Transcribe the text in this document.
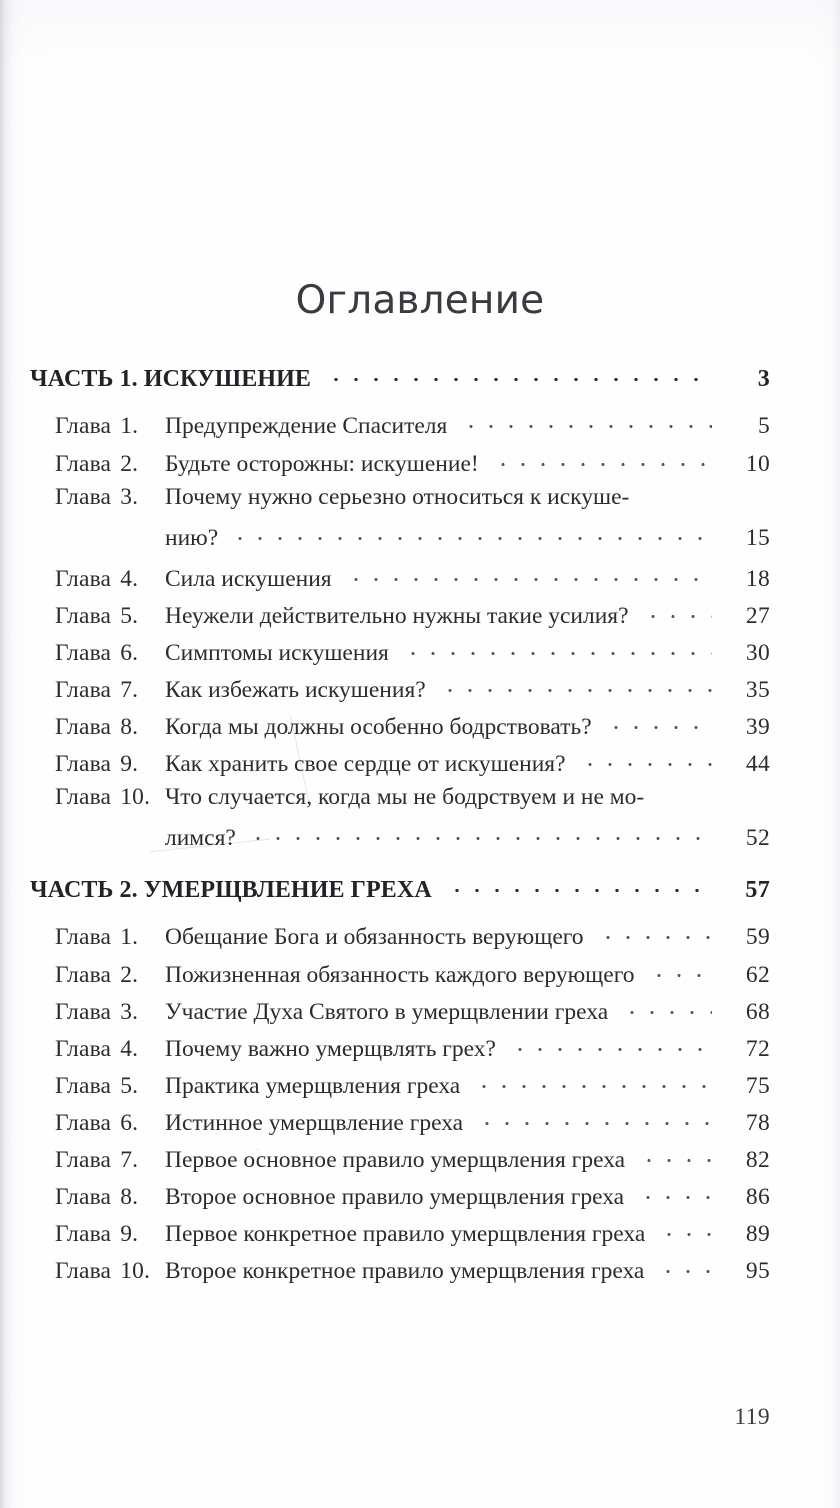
Оглавление
ЧАСТЬ 1. ИСКУШЕНИЕ	3
Глава 1.	Предупреждение Спасителя	5
Глава 2.	Будьте осторожны: искушение!	10
Глава 3.	Почему нужно серьезно относиться к искуше-
нию?	15
Глава 4.	Сила искушения	18
Глава 5.	Неужели действительно нужны такие усилия?	27
Глава 6.	Симптомы искушения	30
Глава 7.	Как избежать искушения?	35
Глава 8.	Когда мы должны особенно бодрствовать?	39
Глава 9.	Как хранить свое сердце от искушения?	44
Глава 10. Что случается, когда мы не бодрствуем и не мо-
лимся?	52
ЧАСТЬ 2. УМЕРЩВЛЕНИЕ ГРЕХА	57
Глава 1.	Обещание Бога и обязанность верующего	59
Глава 2.	Пожизненная обязанность каждого верующего	62
Глава 3.	Участие Духа Святого в умерщвлении греха	68
Глава 4.	Почему важно умерщвлять грех?	72
Глава 5.	Практика умерщвления греха	75
Глава 6.	Истинное умерщвление греха	78
Глава 7.	Первое основное правило умерщвления греха	82
Глава 8.	Второе основное правило умерщвления греха	86
Глава 9.	Первое конкретное правило умерщвления греха	89
Глава 10. Второе конкретное правило умерщвления греха	95
119
